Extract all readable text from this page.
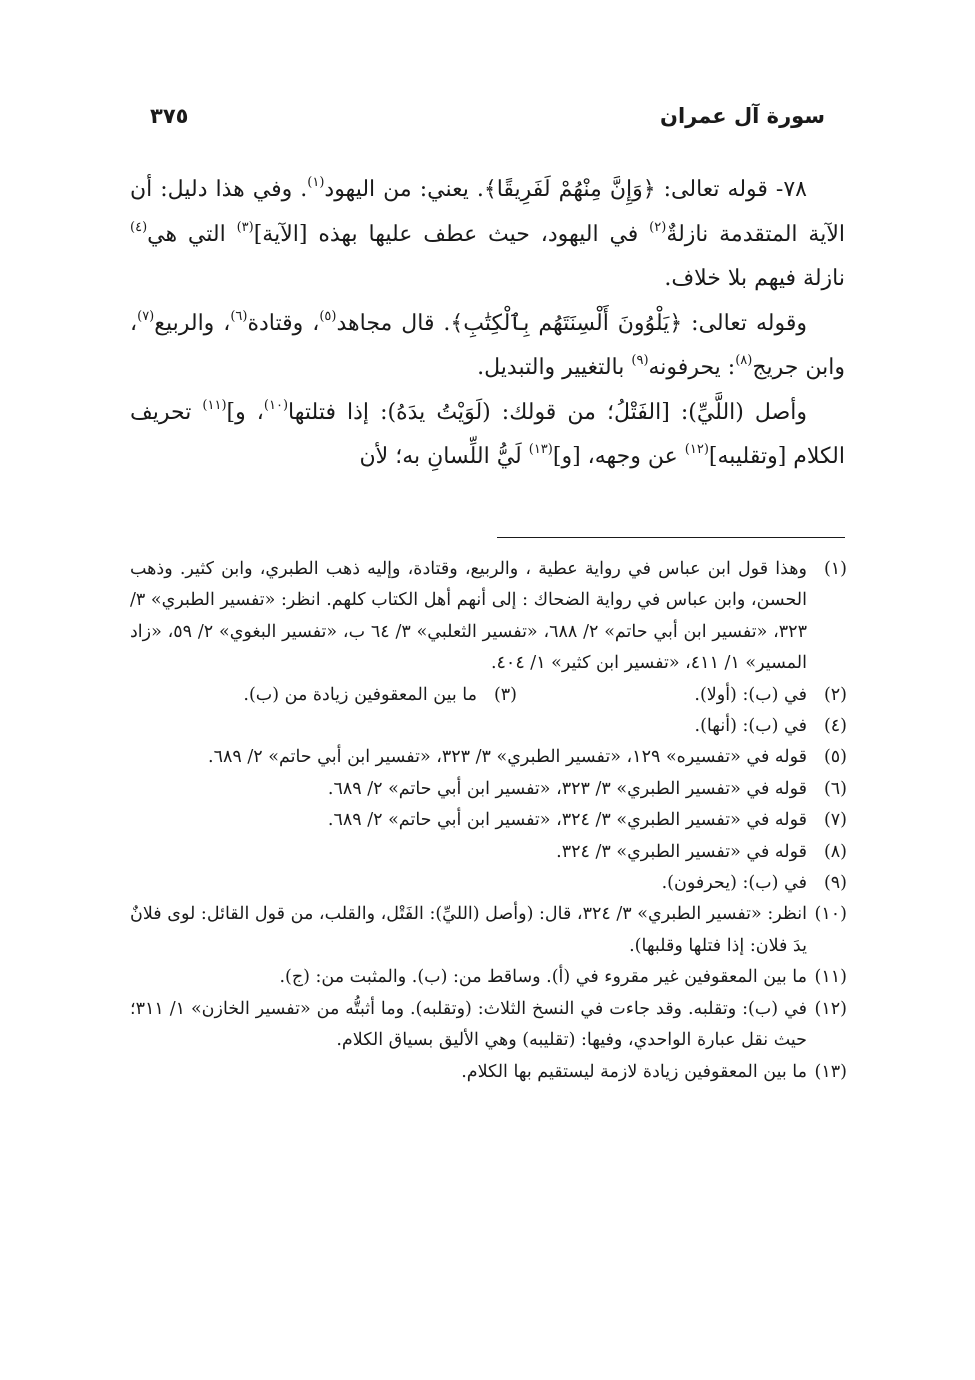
سورة آل عمران
٣٧٥

٧٨- قوله تعالى: ﴿وَإِنَّ مِنْهُمْ لَفَرِيقًا﴾. يعني: من اليهود$^{(١)}$. وفي هذا دليل: أن الآية المتقدمة نازلةٌ$^{(٢)}$ في اليهود، حيث عطف عليها بهذه [الآية]$^{(٣)}$ التي هي$^{(٤)}$ نازلة فيهم بلا خلاف.

وقوله تعالى: ﴿يَلْوُونَ أَلْسِنَتَهُم بِٱلْكِتَٰبِ﴾. قال مجاهد$^{(٥)}$، وقتادة$^{(٦)}$، والربيع$^{(٧)}$، وابن جريج$^{(٨)}$: يحرفونه$^{(٩)}$ بالتغيير والتبديل.

وأصل (اللَّيِّ): [الفَتْلُ؛ من قولك: (لَوَيْتُ يدَهُ): إذا فتلتها$^{(١٠)}$، و]$^{(١١)}$ تحريف الكلام [وتقليبه]$^{(١٢)}$ عن وجهه، [و]$^{(١٣)}$ لَيُّ اللِّسانِ به؛ لأن

(١)
وهذا قول ابن عباس في رواية عطية ، والربيع، وقتادة، وإليه ذهب الطبري، وابن كثير. وذهب الحسن، وابن عباس في رواية الضحاك : إلى أنهم أهل الكتاب كلهم. انظر: «تفسير الطبري» ٣/ ٣٢٣، «تفسير ابن أبي حاتم» ٢/ ٦٨٨، «تفسير الثعلبي» ٣/ ٦٤ ب، «تفسير البغوي» ٢/ ٥٩، «زاد المسير» ١/ ٤١١، «تفسير ابن كثير» ١/ ٤٠٤.
(٢)
في (ب): (أولا).
(٣)
ما بين المعقوفين زيادة من (ب).
(٤)
في (ب): (أنها).
(٥)
قوله في «تفسيره» ١٢٩، «تفسير الطبري» ٣/ ٣٢٣، «تفسير ابن أبي حاتم» ٢/ ٦٨٩.
(٦)
قوله في «تفسير الطبري» ٣/ ٣٢٣، «تفسير ابن أبي حاتم» ٢/ ٦٨٩.
(٧)
قوله في «تفسير الطبري» ٣/ ٣٢٤، «تفسير ابن أبي حاتم» ٢/ ٦٨٩.
(٨)
قوله في «تفسير الطبري» ٣/ ٣٢٤.
(٩)
في (ب): (يحرفون).
(١٠)
انظر: «تفسير الطبري» ٣/ ٣٢٤، قال: (وأصل (الليِّ): الفَتْل، والقلب، من قول القائل: لوى فلانٌ يدَ فلان: إذا فتلها وقلبها).
(١١)
ما بين المعقوفين غير مقروء في (أ). وساقط من: (ب). والمثبت من: (ج).
(١٢)
في (ب): وتقلبه. وقد جاءت في النسخ الثلاث: (وتقلبه). وما أثبتُّه من «تفسير الخازن» ١/ ٣١١؛ حيث نقل عبارة الواحدي، وفيها: (تقليبه) وهي الأليق بسياق الكلام.
(١٣)
ما بين المعقوفين زيادة لازمة ليستقيم بها الكلام.
